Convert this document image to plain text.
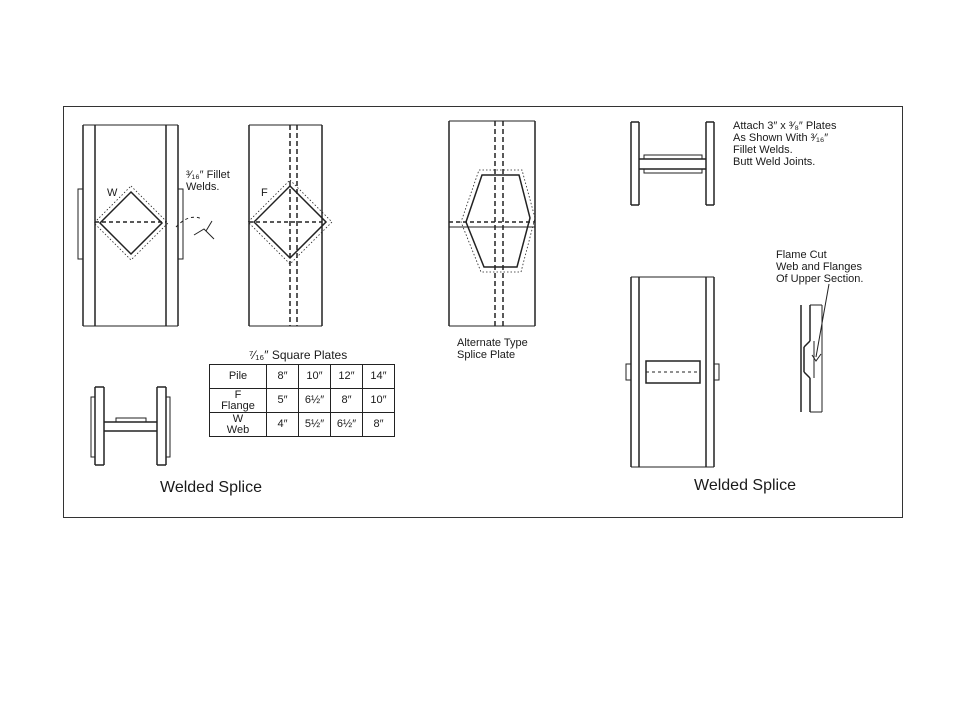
³⁄₁₆″ Fillet
Welds.
W	F
⁷⁄₁₆″ Square Plates
Alternate Type
Splice Plate
Attach 3″ x ³⁄₈″ Plates
As Shown With ³⁄₁₆″
Fillet Welds.
Butt Weld Joints.
Flame Cut
Web and Flanges
Of Upper Section.
Pile	8″	10″	12″	14″
F
Flange	5″	6½″	8″	10″
W
Web	4″	5½″	6½″	8″
Welded Splice	Welded Splice
